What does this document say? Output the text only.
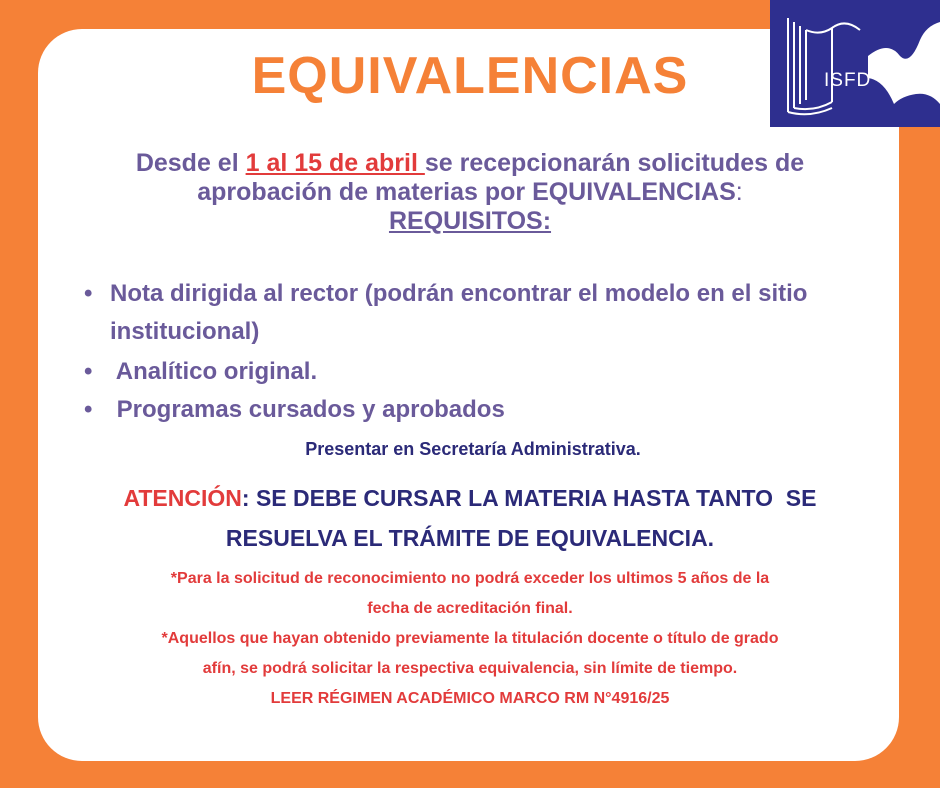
ISFD
EQUIVALENCIAS
Desde el 1 al 15 de abril se recepcionarán solicitudes de
aprobación de materias por EQUIVALENCIAS:
REQUISITOS:
• Nota dirigida al rector (podrán encontrar el modelo en el sitio institucional)
• Analítico original.
• Programas cursados y aprobados
Presentar en Secretaría Administrativa.
ATENCIÓN: SE DEBE CURSAR LA MATERIA HASTA TANTO  SE
RESUELVA EL TRÁMITE DE EQUIVALENCIA.
*Para la solicitud de reconocimiento no podrá exceder los ultimos 5 años de la
fecha de acreditación final.
*Aquellos que hayan obtenido previamente la titulación docente o título de grado
afín, se podrá solicitar la respectiva equivalencia, sin límite de tiempo.
LEER RÉGIMEN ACADÉMICO MARCO RM N°4916/25
